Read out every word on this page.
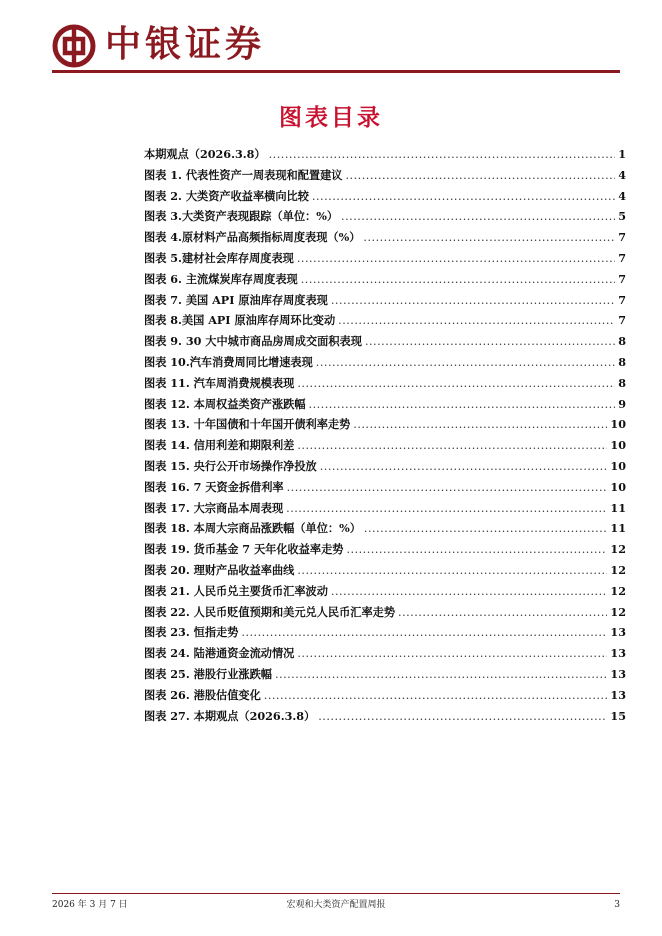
中银证券
图表目录
本期观点（2026.3.8） .....	1
图表 1. 代表性资产一周表现和配置建议 .....	4
图表 2. 大类资产收益率横向比较 .....	4
图表 3.大类资产表现跟踪（单位：%） .....	5
图表 4.原材料产品高频指标周度表现（%） .....	7
图表 5.建材社会库存周度表现 .....	7
图表 6. 主流煤炭库存周度表现 .....	7
图表 7. 美国 API 原油库存周度表现 .....	7
图表 8.美国 API 原油库存周环比变动 .....	7
图表 9. 30 大中城市商品房周成交面积表现 .....	8
图表 10.汽车消费周同比增速表现 .....	8
图表 11. 汽车周消费规模表现 .....	8
图表 12. 本周权益类资产涨跌幅 .....	9
图表 13. 十年国债和十年国开债利率走势 .....	10
图表 14. 信用利差和期限利差 .....	10
图表 15. 央行公开市场操作净投放 .....	10
图表 16. 7 天资金拆借利率 .....	10
图表 17. 大宗商品本周表现 .....	11
图表 18. 本周大宗商品涨跌幅（单位：%） .....	11
图表 19. 货币基金 7 天年化收益率走势 .....	12
图表 20. 理财产品收益率曲线 .....	12
图表 21. 人民币兑主要货币汇率波动 .....	12
图表 22. 人民币贬值预期和美元兑人民币汇率走势 .....	12
图表 23. 恒指走势 .....	13
图表 24. 陆港通资金流动情况 .....	13
图表 25. 港股行业涨跌幅 .....	13
图表 26. 港股估值变化 .....	13
图表 27. 本期观点（2026.3.8） .....	15
2026 年 3 月 7 日	宏观和大类资产配置周报	3
